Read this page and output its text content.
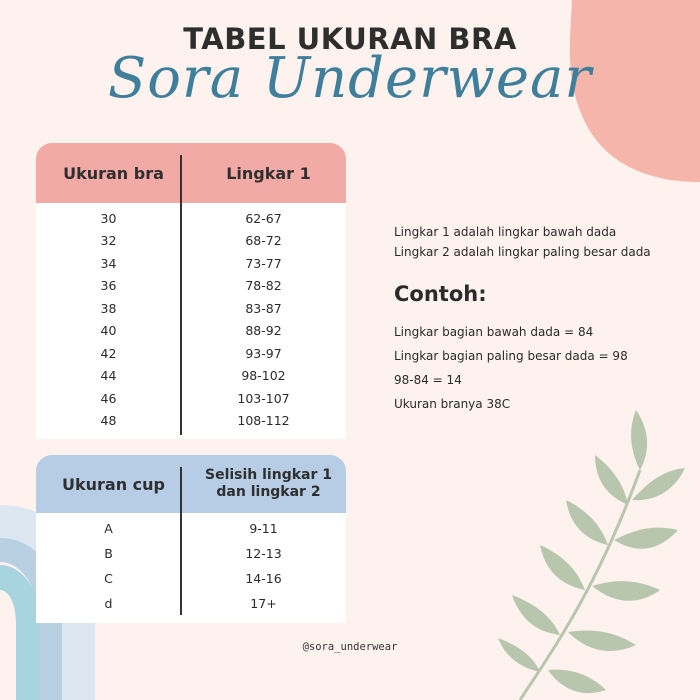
TABEL UKURAN BRA
Sora Underwear
Ukuran bra	Lingkar 1
30	62-67
32	68-72
34	73-77
36	78-82
38	83-87
40	88-92
42	93-97
44	98-102
46	103-107
48	108-112
Ukuran cup	Selisih lingkar 1 dan lingkar 2
A	9-11
B	12-13
C	14-16
d	17+
Lingkar 1 adalah lingkar bawah dada
Lingkar 2 adalah lingkar paling besar dada
Contoh:
Lingkar bagian bawah dada = 84
Lingkar bagian paling besar dada = 98
98-84 = 14
Ukuran branya 38C
@sora_underwear
